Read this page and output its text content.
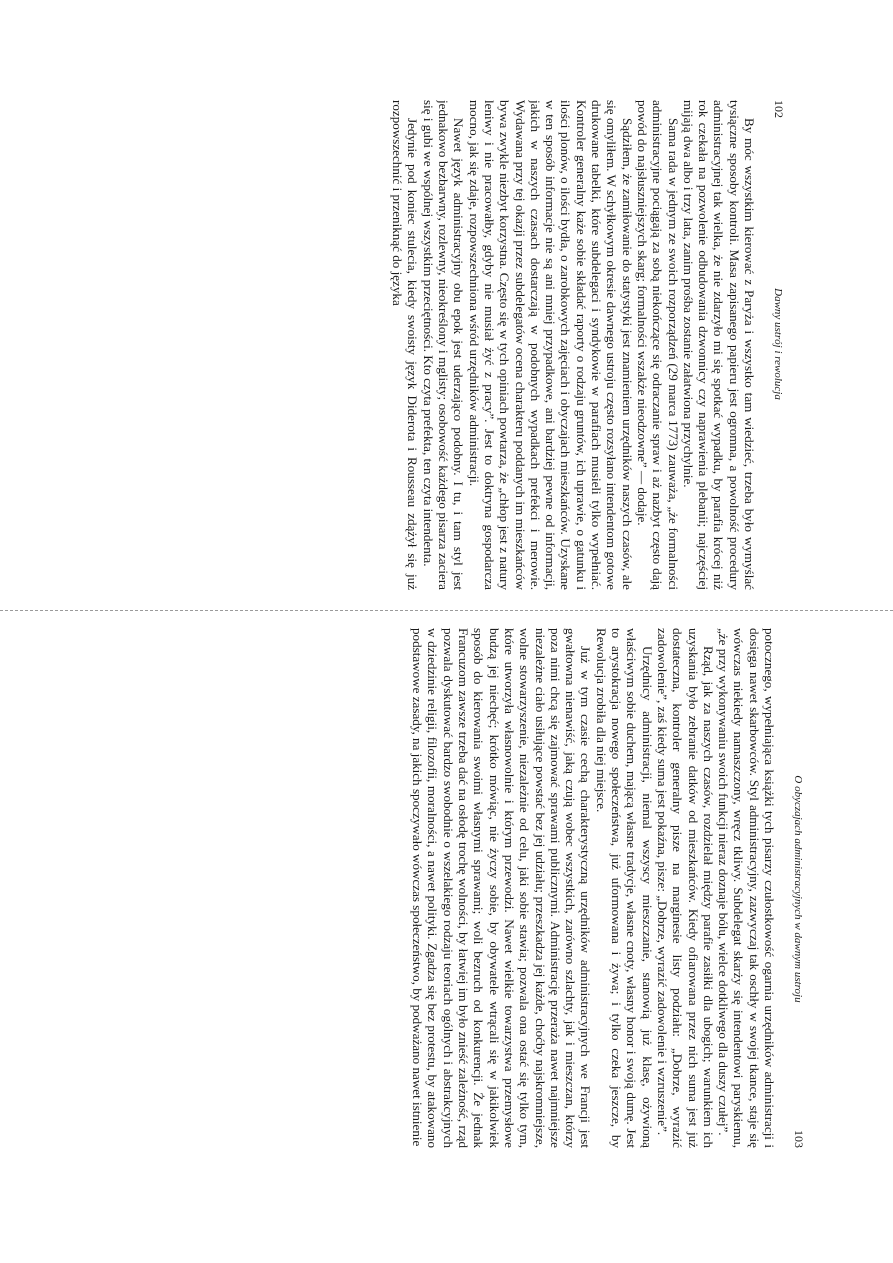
102
Dawny ustrój i rewolucja

By móc wszystkim kierować z Paryża i wszystko tam wiedzieć, trzeba było wymyślać tysiączne sposoby kontroli. Masa zapisanego papieru jest ogromna, a powolność procedury administracyjnej tak wielka, że nie zdarzyło mi się spotkać wypadku, by parafia krócej niż rok czekała na pozwolenie odbudowania dzwonnicy czy naprawienia plebanii; najczęściej mijają dwa albo i trzy lata, zanim prośba zostanie załatwiona przychylnie.

Sama rada w jednym ze swoich rozporządzeń (29 marca 1773) zauważa, „że formalności administracyjne pociągają za sobą niekończące się odraczanie spraw i aż nazbyt często dają powód do najsłuszniejszych skarg; formalności wszakże nieodzowne” — dodaje.

Sądziłem, że zamiłowanie do statystyki jest znamieniem urzędników naszych czasów, ale się omyliłem. W schyłkowym okresie dawnego ustroju często rozsyłano intendentom gotowe drukowane tabelki, które subdelegaci i syndykowie w parafiach musieli tylko wypełniać. Kontroler generalny każe sobie składać raporty o rodzaju gruntów, ich uprawie, o gatunku i ilości plonów, o ilości bydła, o zarobkowych zajęciach i obyczajach mieszkańców. Uzyskane w ten sposób informacje nie są ani mniej przypadkowe, ani bardziej pewne od informacji, jakich w naszych czasach dostarczają w podobnych wypadkach prefekci i merowie. Wydawana przy tej okazji przez subdelegatów ocena charakteru poddanych im mieszkańców bywa zwykle niezbyt korzystna. Często się w tych opiniach powtarza, że „chłop jest z natury leniwy i nie pracowałby, gdyby nie musiał żyć z pracy”. Jest to doktryna gospodarcza mocno, jak się zdaje, rozpowszechniona wśród urzędników administracji.

Nawet język administracyjny obu epok jest uderzająco podobny. I tu, i tam styl jest jednakowo bezbarwny, rozlewny, nieokreślony i mglisty; osobowość każdego pisarza zaciera się i gubi we wspólnej wszystkim przeciętności. Kto czyta prefekta, ten czyta intendenta.

Jedynie pod koniec stulecia, kiedy swoisty język Diderota i Rousseau zdążył się już rozpowszechnić i przeniknąć do języka

O obyczajach administracyjnych w dawnym ustroju
103

potocznego, wypełniająca książki tych pisarzy czułostkowość ogarnia urzędników administracji i dosięga nawet skarbowców. Styl administracyjny, zazwyczaj tak oschły w swojej tkance, staje się wówczas niekiedy namaszczony, wręcz tkliwy. Subdelegat skarży się intendentowi paryskiemu, „że przy wykonywaniu swoich funkcji nieraz doznaje bólu, wielce dotkliwego dla duszy czułej”.

Rząd, jak za naszych czasów, rozdzielał między parafie zasiłki dla ubogich; warunkiem ich uzyskania było zebranie datków od mieszkańców. Kiedy ofiarowana przez nich suma jest już dostateczna, kontroler generalny pisze na marginesie listy podziału: „Dobrze, wyrazić zadowolenie”, zaś kiedy suma jest pokaźna, pisze: „Dobrze, wyrazić zadowolenie i wzruszenie”.

Urzędnicy administracji, niemal wszyscy mieszczanie, stanowią już klasę, ożywioną właściwym sobie duchem, mającą własne tradycje, własne cnoty, własny honor i swoją dumę. Jest to arystokracja nowego społeczeństwa, już uformowana i żywa; i tylko czeka jeszcze, by Rewolucja zrobiła dla niej miejsce.

Już w tym czasie cechą charakterystyczną urzędników administracyjnych we Francji jest gwałtowna nienawiść, jaką czują wobec wszystkich, zarówno szlachty, jak i mieszczan, którzy poza nimi chcą się zajmować sprawami publicznymi. Administrację przeraża nawet najmniejsze niezależne ciało usiłujące powstać bez jej udziału; przeszkadza jej każde, choćby najskromniejsze, wolne stowarzyszenie, niezależnie od celu, jaki sobie stawia; pozwala ona ostać się tylko tym, które utworzyła własnowolnie i którym przewodzi. Nawet wielkie towarzystwa przemysłowe budzą jej niechęć; krótko mówiąc, nie życzy sobie, by obywatele wtrącali się w jakikolwiek sposób do kierowania swoimi własnymi sprawami; woli bezruch od konkurencji. Że jednak Francuzom zawsze trzeba dać na osłodę trochę wolności, by łatwiej im było znieść zależność, rząd pozwala dyskutować bardzo swobodnie o wszelakiego rodzaju teoriach ogólnych i abstrakcyjnych w dziedzinie religii, filozofii, moralności, a nawet polityki. Zgadza się bez protestu, by atakowano podstawowe zasady, na jakich spoczywało wówczas społeczeństwo, by podważano nawet istnienie
